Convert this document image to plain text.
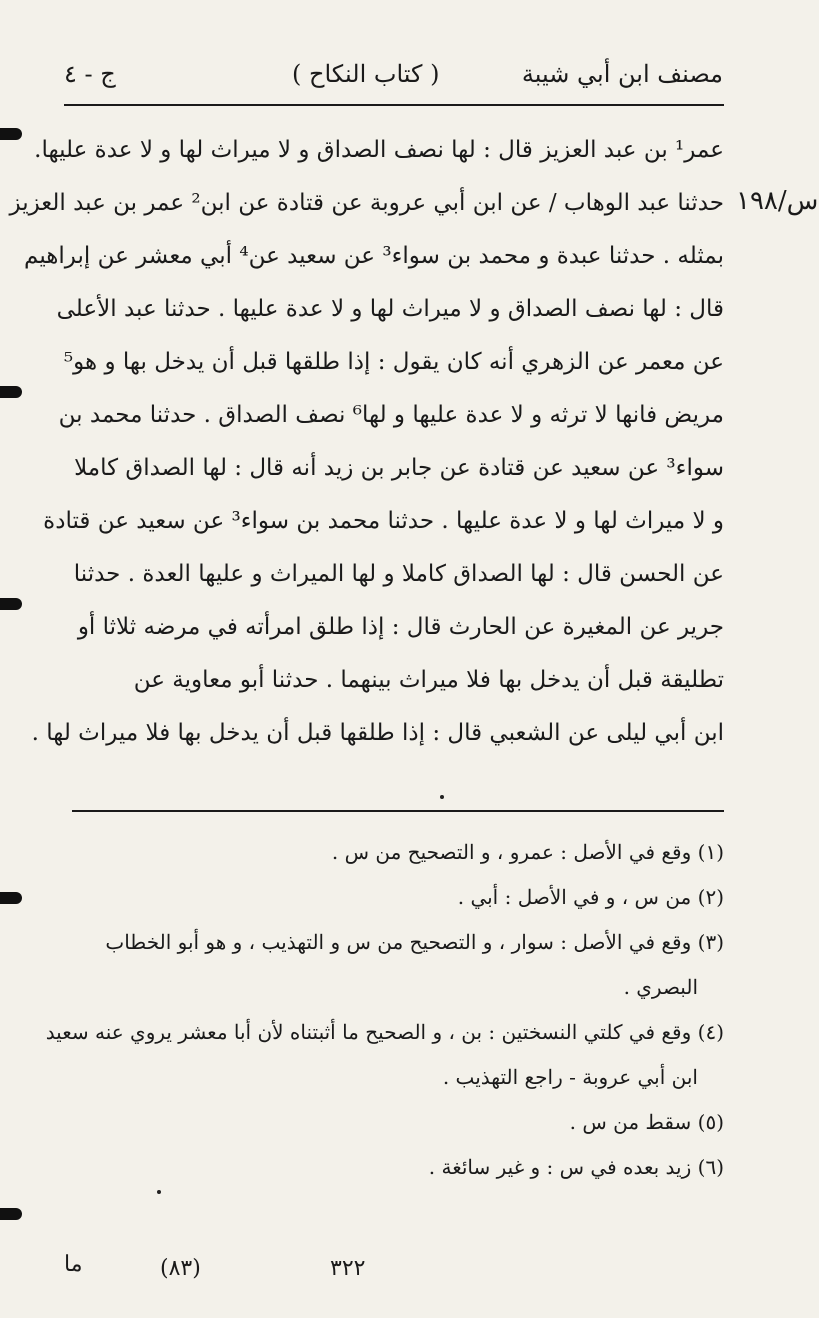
مصنف ابن أبي شيبة
( كتاب النكاح )
ج - ٤
س/١٩٨
عمر¹ بن عبد العزيز قال : لها نصف الصداق و لا ميراث لها و لا عدة عليها.
حدثنا عبد الوهاب / عن ابن أبي عروبة عن قتادة عن ابن² عمر بن عبد العزيز
بمثله . حدثنا عبدة و محمد بن سواء³ عن سعيد عن⁴ أبي معشر عن إبراهيم
قال : لها نصف الصداق و لا ميراث لها و لا عدة عليها . حدثنا عبد الأعلى
عن معمر عن الزهري أنه كان يقول : إذا طلقها قبل أن يدخل بها و هو⁵
مريض فانها لا ترثه و لا عدة عليها و لها⁶ نصف الصداق . حدثنا محمد بن
سواء³ عن سعيد عن قتادة عن جابر بن زيد أنه قال : لها الصداق كاملا
و لا ميراث لها و لا عدة عليها . حدثنا محمد بن سواء³ عن سعيد عن قتادة
عن الحسن قال : لها الصداق كاملا و لها الميراث و عليها العدة . حدثنا
جرير عن المغيرة عن الحارث قال : إذا طلق امرأته في مرضه ثلاثا أو
تطليقة قبل أن يدخل بها فلا ميراث بينهما . حدثنا أبو معاوية عن
ابن أبي ليلى عن الشعبي قال : إذا طلقها قبل أن يدخل بها فلا ميراث لها .
(١) وقع في الأصل : عمرو ، و التصحيح من س .
(٢) من س ، و في الأصل : أبي .
(٣) وقع في الأصل : سوار ، و التصحيح من س و التهذيب ، و هو أبو الخطاب
البصري .
(٤) وقع في كلتي النسختين : بن ، و الصحيح ما أثبتناه لأن أبا معشر يروي عنه سعيد
ابن أبي عروبة - راجع التهذيب .
(٥) سقط من س .
(٦) زيد بعده في س : و غير سائغة .
٣٢٢
(٨٣)
ما
